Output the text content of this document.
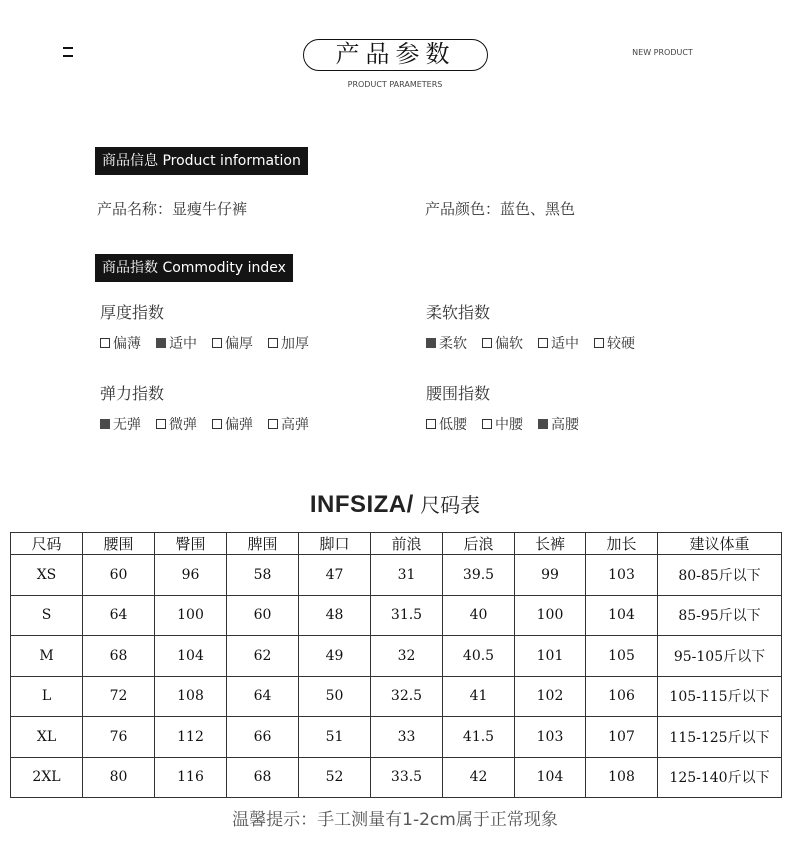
产品参数
PRODUCT PARAMETERS
NEW PRODUCT
商品信息 Product information
产品名称：显瘦牛仔裤	产品颜色：蓝色、黑色
商品指数 Commodity index
厚度指数
偏薄 适中 偏厚 加厚
柔软指数
柔软 偏软 适中 较硬
弹力指数
无弹 微弹 偏弹 高弹
腰围指数
低腰 中腰 高腰
INFSIZA/ 尺码表
尺码	腰围	臀围	脾围	脚口	前浪	后浪	长裤	加长	建议体重
XS	60	96	58	47	31	39.5	99	103	80-85斤以下
S	64	100	60	48	31.5	40	100	104	85-95斤以下
M	68	104	62	49	32	40.5	101	105	95-105斤以下
L	72	108	64	50	32.5	41	102	106	105-115斤以下
XL	76	112	66	51	33	41.5	103	107	115-125斤以下
2XL	80	116	68	52	33.5	42	104	108	125-140斤以下
温馨提示：手工测量有1-2cm属于正常现象
